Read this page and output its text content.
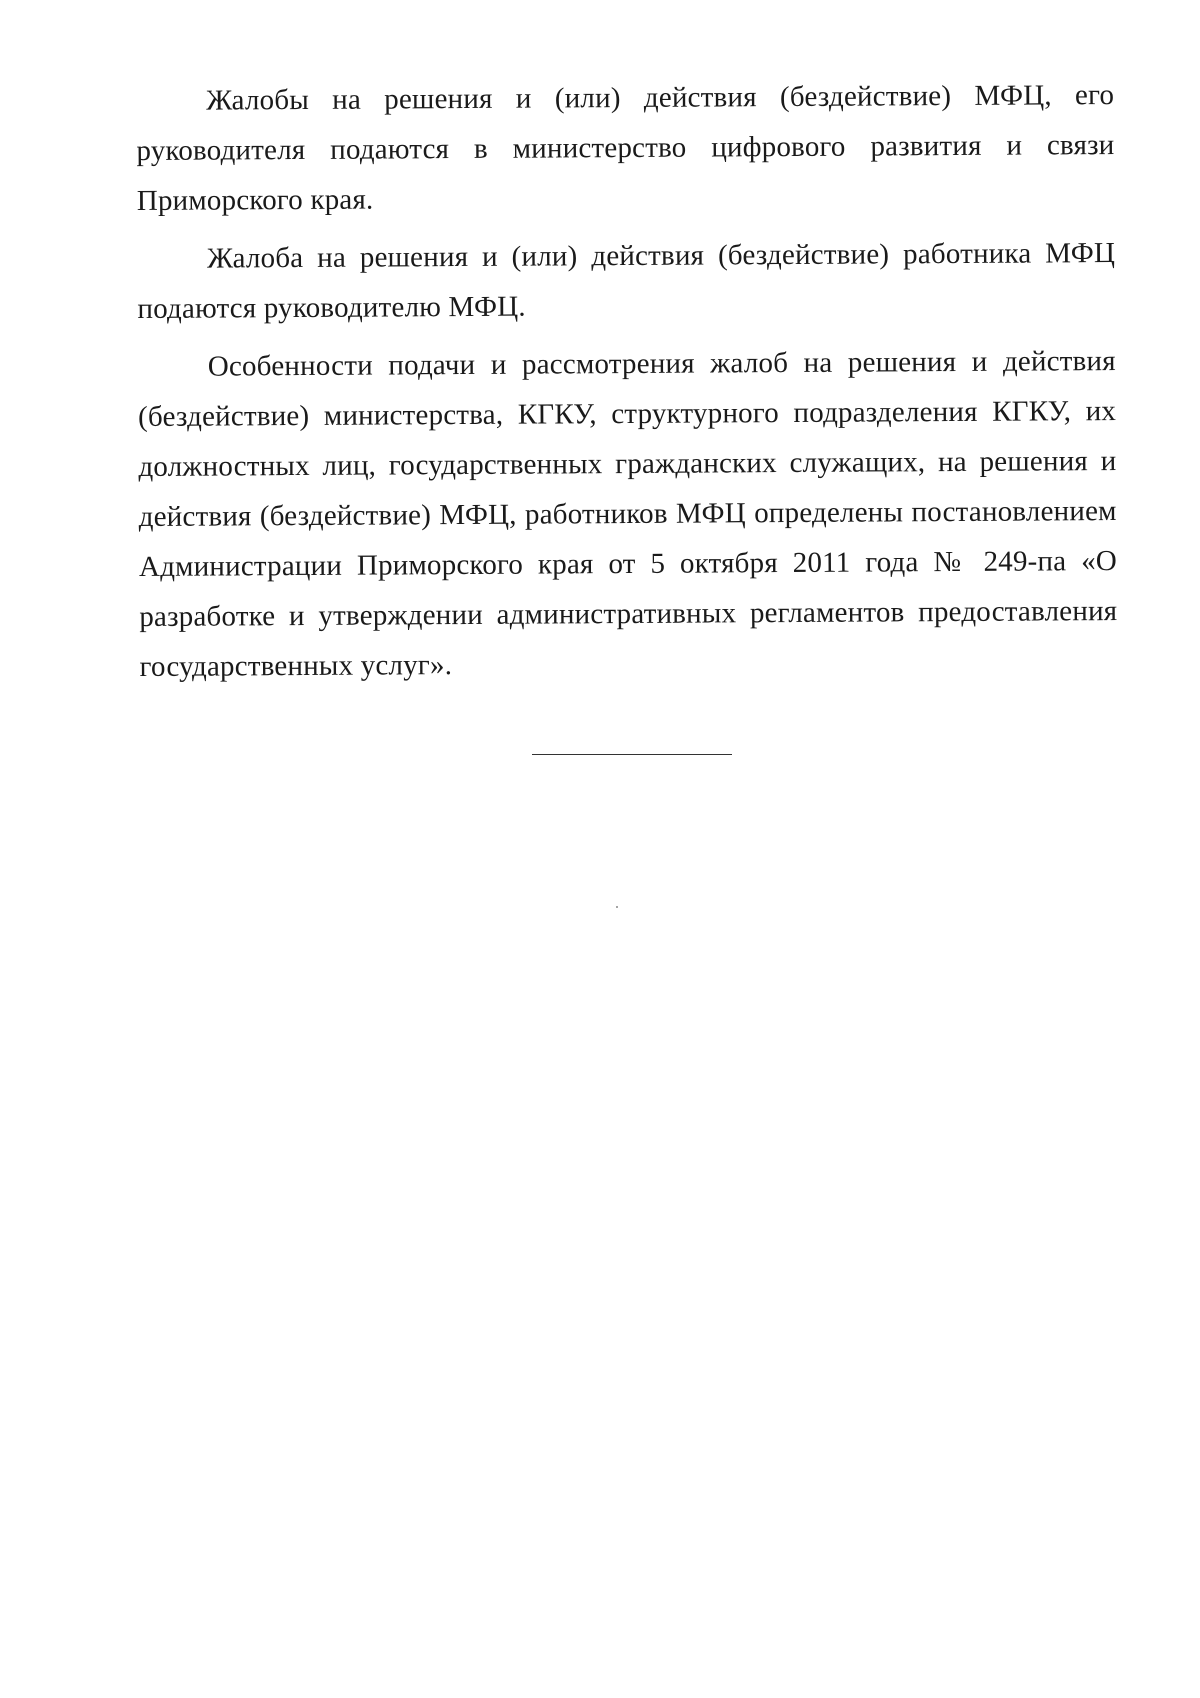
Жалобы на решения и (или) действия (бездействие) МФЦ, его руководителя подаются в министерство цифрового развития и связи Приморского края.

Жалоба на решения и (или) действия (бездействие) работника МФЦ подаются руководителю МФЦ.

Особенности подачи и рассмотрения жалоб на решения и действия (бездействие) министерства, КГКУ, структурного подразделения КГКУ, их должностных лиц, государственных гражданских служащих, на решения и действия (бездействие) МФЦ, работников МФЦ определены постановлением Администрации Приморского края от 5 октября 2011 года № 249-па «О разработке и утверждении административных регламентов предоставления государственных услуг».
